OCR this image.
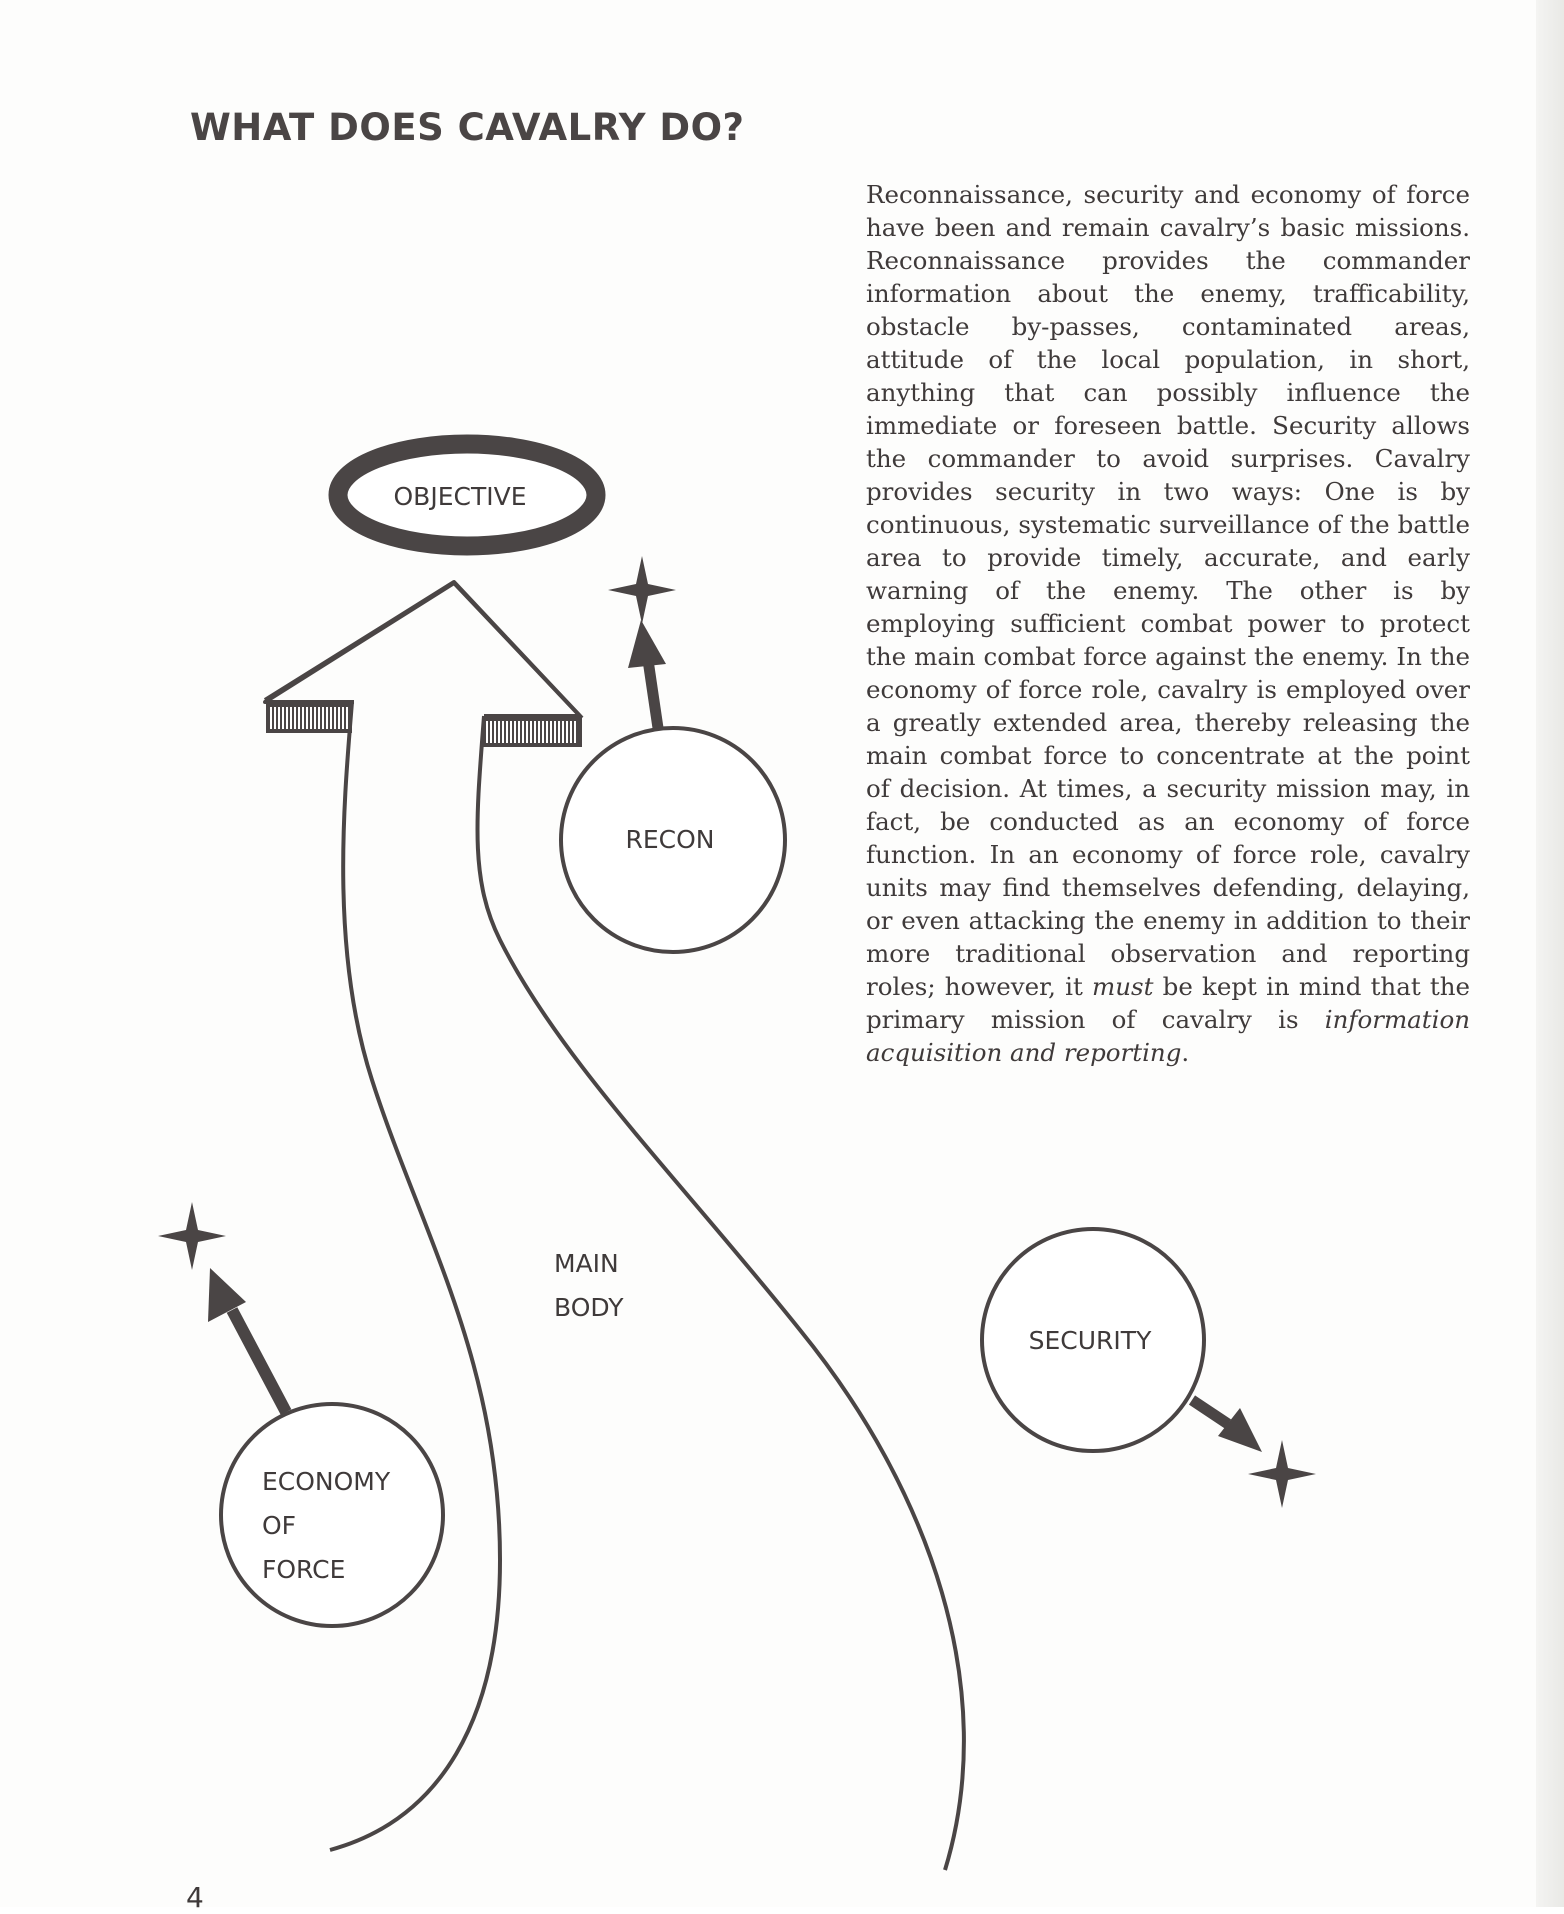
WHAT DOES CAVALRY DO?

Reconnaissance, security and economy of force have been and remain cavalry’s basic missions. Reconnaissance provides the commander information about the enemy, trafficability, obstacle by-passes, contaminated areas, attitude of the local population, in short, anything that can possibly influence the immediate or foreseen battle. Security allows the commander to avoid surprises. Cavalry provides security in two ways: One is by continuous, systematic surveillance of the battle area to provide timely, accurate, and early warning of the enemy. The other is by employing sufficient combat power to protect the main combat force against the enemy. In the economy of force role, cavalry is employed over a greatly extended area, thereby releasing the main combat force to concentrate at the point of decision. At times, a security mission may, in fact, be conducted as an economy of force function. In an economy of force role, cavalry units may find themselves defending, delaying, or even attacking the enemy in addition to their more traditional observation and reporting roles; however, it must be kept in mind that the primary mission of cavalry is information acquisition and reporting.

OBJECTIVE
MAIN
BODY
RECON
SECURITY
ECONOMY
OF
FORCE
4
